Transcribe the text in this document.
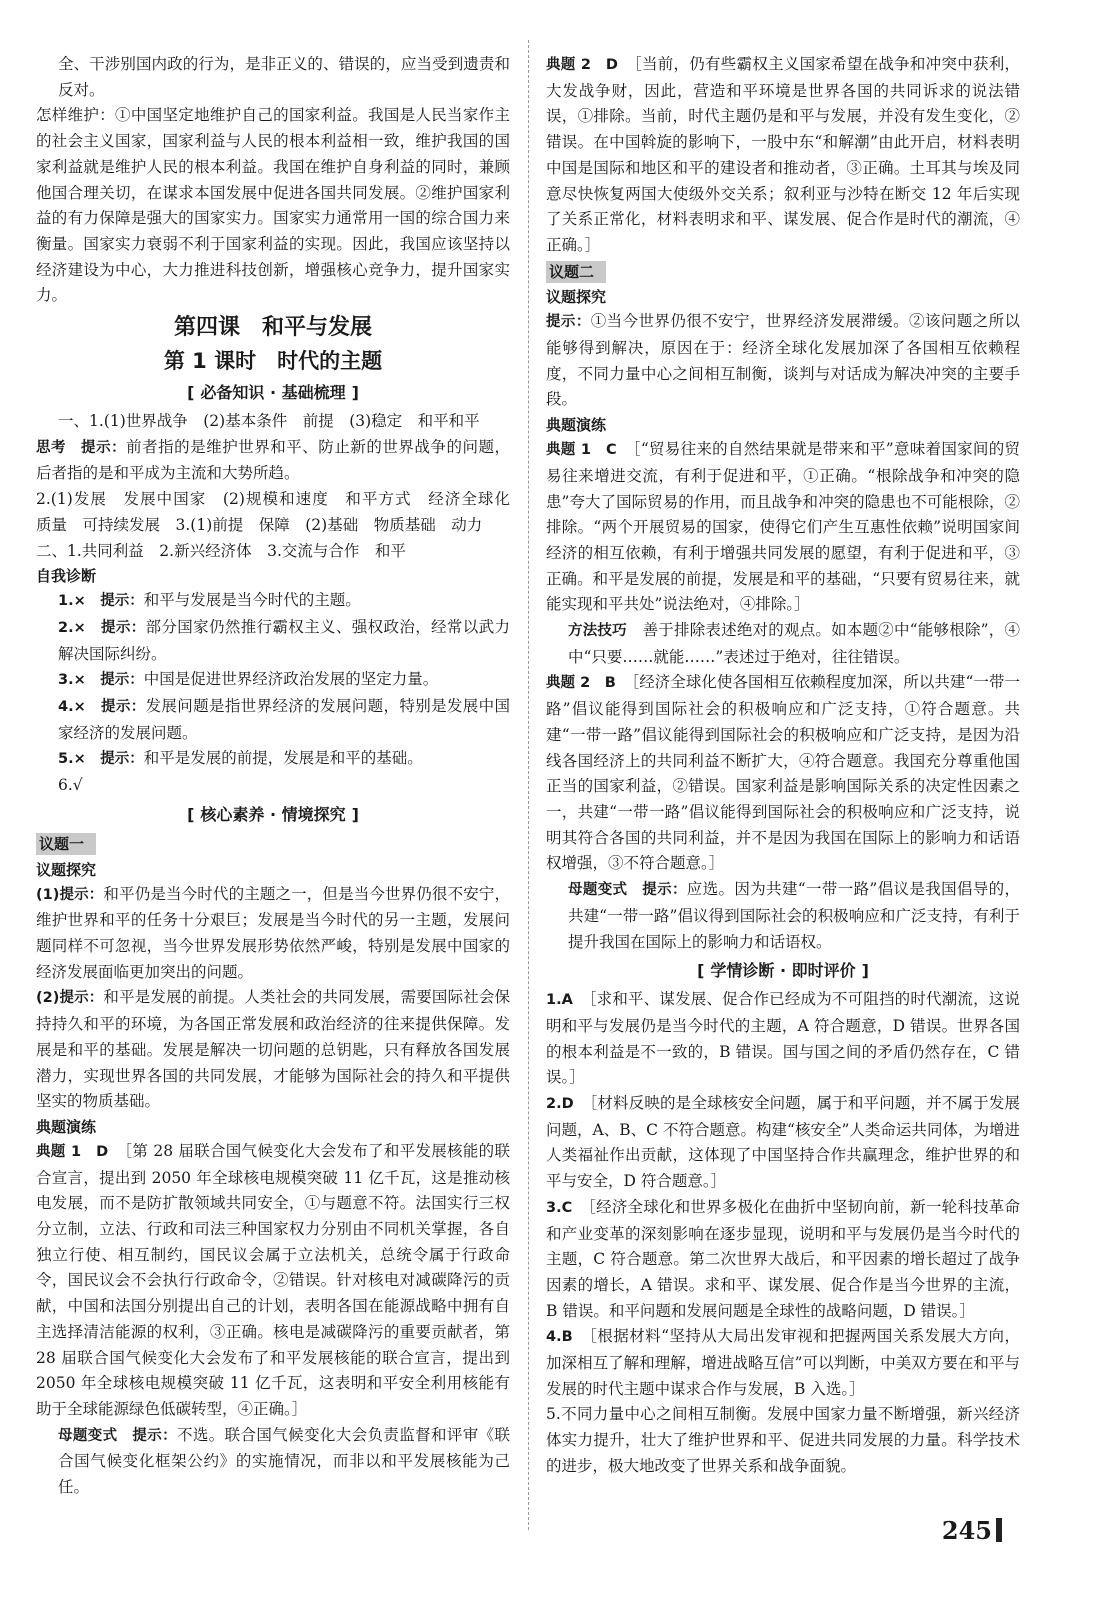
全、干涉别国内政的行为，是非正义的、错误的，应当受到遗责和反对。

怎样维护：①中国坚定地维护自己的国家利益。我国是人民当家作主的社会主义国家，国家利益与人民的根本利益相一致，维护我国的国家利益就是维护人民的根本利益。我国在维护自身利益的同时，兼顾他国合理关切，在谋求本国发展中促进各国共同发展。②维护国家利益的有力保障是强大的国家实力。国家实力通常用一国的综合国力来衡量。国家实力衰弱不利于国家利益的实现。因此，我国应该坚持以经济建设为中心，大力推进科技创新，增强核心竞争力，提升国家实力。

第四课　和平与发展
第 1 课时　时代的主题
[ 必备知识 · 基础梳理 ]

一、1.(1)世界战争　(2)基本条件　前提　(3)稳定　和平和平

思考　提示：前者指的是维护世界和平、防止新的世界战争的问题，后者指的是和平成为主流和大势所趋。

2.(1)发展　发展中国家　(2)规模和速度　和平方式　经济全球化　质量　可持续发展　3.(1)前提　保障　(2)基础　物质基础　动力

二、1.共同利益　2.新兴经济体　3.交流与合作　和平

自我诊断

1.×　提示：和平与发展是当今时代的主题。

2.×　提示：部分国家仍然推行霸权主义、强权政治，经常以武力解决国际纠纷。

3.×　提示：中国是促进世界经济政治发展的坚定力量。

4.×　提示：发展问题是指世界经济的发展问题，特别是发展中国家经济的发展问题。

5.×　提示：和平是发展的前提，发展是和平的基础。

6.√

[ 核心素养 · 情境探究 ]
议题一
议题探究

(1)提示：和平仍是当今时代的主题之一，但是当今世界仍很不安宁，维护世界和平的任务十分艰巨；发展是当今时代的另一主题，发展问题同样不可忽视，当今世界发展形势依然严峻，特别是发展中国家的经济发展面临更加突出的问题。

(2)提示：和平是发展的前提。人类社会的共同发展，需要国际社会保持持久和平的环境，为各国正常发展和政治经济的往来提供保障。发展是和平的基础。发展是解决一切问题的总钥匙，只有释放各国发展潜力，实现世界各国的共同发展，才能够为国际社会的持久和平提供坚实的物质基础。

典题演练

典题 1　D　 ［第 28 届联合国气候变化大会发布了和平发展核能的联合宣言，提出到 2050 年全球核电规模突破 11 亿千瓦，这是推动核电发展，而不是防扩散领域共同安全，①与题意不符。法国实行三权分立制，立法、行政和司法三种国家权力分别由不同机关掌握，各自独立行使、相互制约，国民议会属于立法机关，总统令属于行政命令，国民议会不会执行行政命令，②错误。针对核电对减碳降污的贡献，中国和法国分别提出自己的计划，表明各国在能源战略中拥有自主选择清洁能源的权利，③正确。核电是减碳降污的重要贡献者，第 28 届联合国气候变化大会发布了和平发展核能的联合宣言，提出到 2050 年全球核电规模突破 11 亿千瓦，这表明和平安全利用核能有助于全球能源绿色低碳转型，④正确。］

母题变式　提示：不选。联合国气候变化大会负责监督和评审《联合国气候变化框架公约》的实施情况，而非以和平发展核能为己任。

典题 2　D　 ［当前，仍有些霸权主义国家希望在战争和冲突中获利，大发战争财，因此，营造和平环境是世界各国的共同诉求的说法错误，①排除。当前，时代主题仍是和平与发展，并没有发生变化，②错误。在中国斡旋的影响下，一股中东“和解潮”由此开启，材料表明中国是国际和地区和平的建设者和推动者，③正确。土耳其与埃及同意尽快恢复两国大使级外交关系；叙利亚与沙特在断交 12 年后实现了关系正常化，材料表明求和平、谋发展、促合作是时代的潮流，④正确。］

议题二
议题探究

提示：①当今世界仍很不安宁，世界经济发展滞缓。②该问题之所以能够得到解决，原因在于：经济全球化发展加深了各国相互依赖程度，不同力量中心之间相互制衡，谈判与对话成为解决冲突的主要手段。

典题演练

典题 1　C　 ［“贸易往来的自然结果就是带来和平”意味着国家间的贸易往来增进交流，有利于促进和平，①正确。“根除战争和冲突的隐患”夸大了国际贸易的作用，而且战争和冲突的隐患也不可能根除，②排除。“两个开展贸易的国家，使得它们产生互惠性依赖”说明国家间经济的相互依赖，有利于增强共同发展的愿望，有利于促进和平，③正确。和平是发展的前提，发展是和平的基础，“只要有贸易往来，就能实现和平共处”说法绝对，④排除。］

方法技巧　 善于排除表述绝对的观点。如本题②中“能够根除”，④中“只要……就能……”表述过于绝对，往往错误。

典题 2　B　 ［经济全球化使各国相互依赖程度加深，所以共建“一带一路”倡议能得到国际社会的积极响应和广泛支持，①符合题意。共建“一带一路”倡议能得到国际社会的积极响应和广泛支持，是因为沿线各国经济上的共同利益不断扩大，④符合题意。我国充分尊重他国正当的国家利益，②错误。国家利益是影响国际关系的决定性因素之一，共建“一带一路”倡议能得到国际社会的积极响应和广泛支持，说明其符合各国的共同利益，并不是因为我国在国际上的影响力和话语权增强，③不符合题意。］

母题变式　提示：应选。因为共建“一带一路”倡议是我国倡导的，共建“一带一路”倡议得到国际社会的积极响应和广泛支持，有利于提升我国在国际上的影响力和话语权。

[ 学情诊断 · 即时评价 ]

1.A　 ［求和平、谋发展、促合作已经成为不可阻挡的时代潮流，这说明和平与发展仍是当今时代的主题，A 符合题意，D 错误。世界各国的根本利益是不一致的，B 错误。国与国之间的矛盾仍然存在，C 错误。］

2.D　 ［材料反映的是全球核安全问题，属于和平问题，并不属于发展问题，A、B、C 不符合题意。构建“核安全”人类命运共同体，为增进人类福祉作出贡献，这体现了中国坚持合作共赢理念，维护世界的和平与安全，D 符合题意。］

3.C　 ［经济全球化和世界多极化在曲折中坚韧向前，新一轮科技革命和产业变革的深刻影响在逐步显现，说明和平与发展仍是当今时代的主题，C 符合题意。第二次世界大战后，和平因素的增长超过了战争因素的增长，A 错误。求和平、谋发展、促合作是当今世界的主流，B 错误。和平问题和发展问题是全球性的战略问题，D 错误。］

4.B　 ［根据材料“坚持从大局出发审视和把握两国关系发展大方向，加深相互了解和理解，增进战略互信”可以判断，中美双方要在和平与发展的时代主题中谋求合作与发展，B 入选。］

5.不同力量中心之间相互制衡。发展中国家力量不断增强，新兴经济体实力提升，壮大了维护世界和平、促进共同发展的力量。科学技术的进步，极大地改变了世界关系和战争面貌。

245
